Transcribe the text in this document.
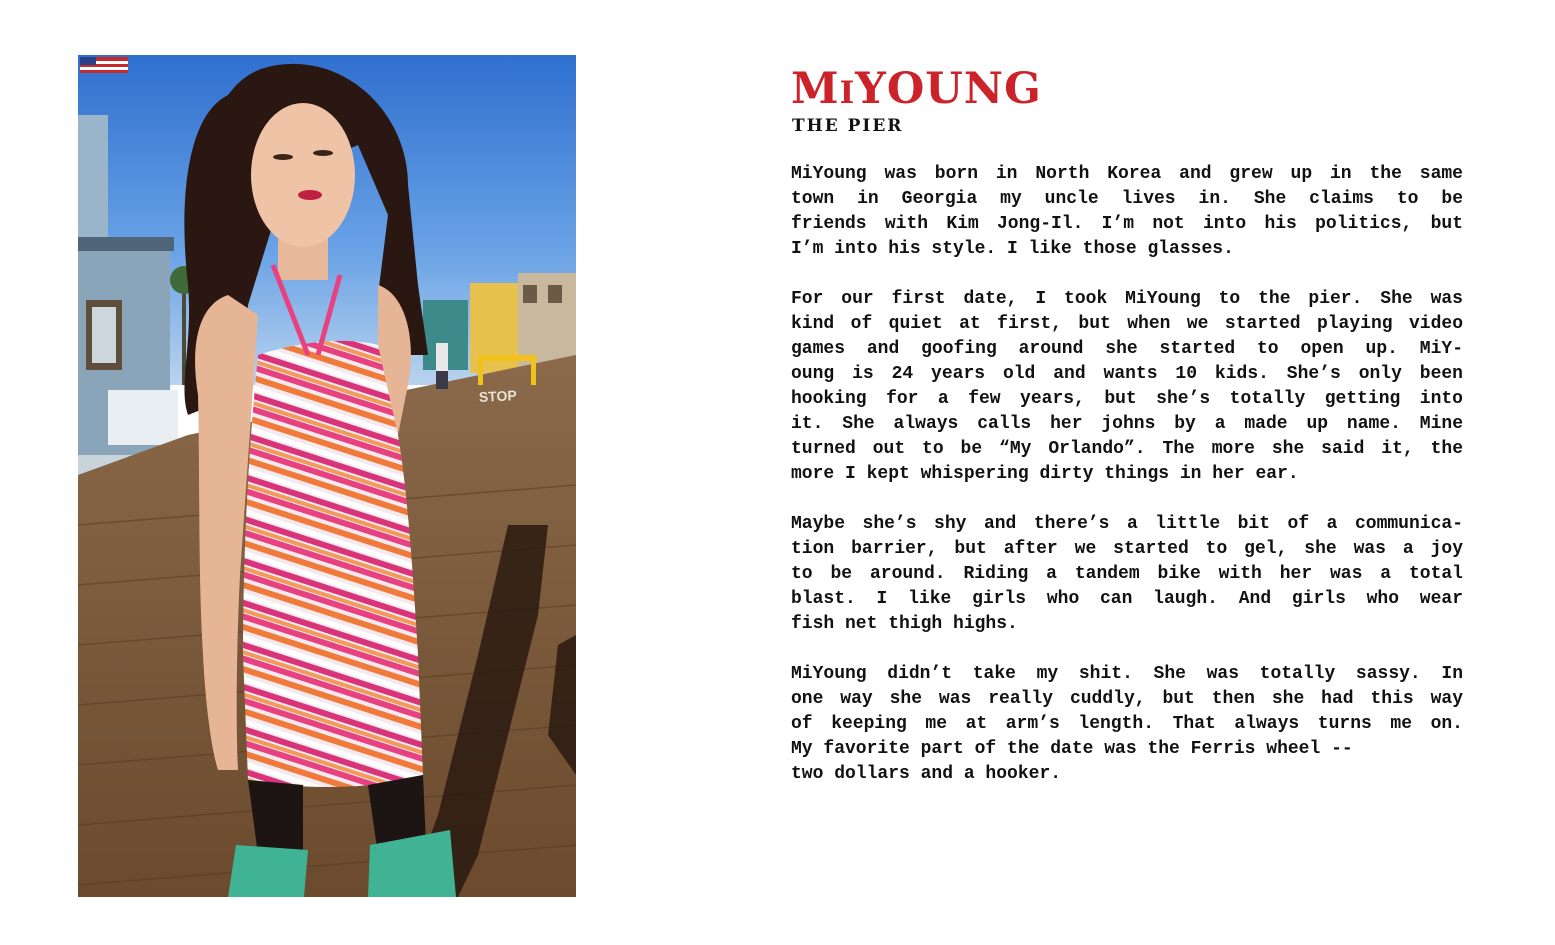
STOP
MIYOUNG
THE PIER

MiYoung was born in North Korea and grew up in the same
town in Georgia my uncle lives in. She claims to be
friends with Kim Jong-Il. I’m not into his politics, but
I’m into his style. I like those glasses.

For our first date, I took MiYoung to the pier. She was
kind of quiet at first, but when we started playing video
games and goofing around she started to open up. MiY-
oung is 24 years old and wants 10 kids. She’s only been
hooking for a few years, but she’s totally getting into
it. She always calls her johns by a made up name. Mine
turned out to be “My Orlando”. The more she said it, the
more I kept whispering dirty things in her ear.

Maybe she’s shy and there’s a little bit of a communica-
tion barrier, but after we started to gel, she was a joy
to be around. Riding a tandem bike with her was a total
blast. I like girls who can laugh. And girls who wear
fish net thigh highs.

MiYoung didn’t take my shit. She was totally sassy. In
one way she was really cuddly, but then she had this way
of keeping me at arm’s length. That always turns me on.
My favorite part of the date was the Ferris wheel --
two dollars and a hooker.
